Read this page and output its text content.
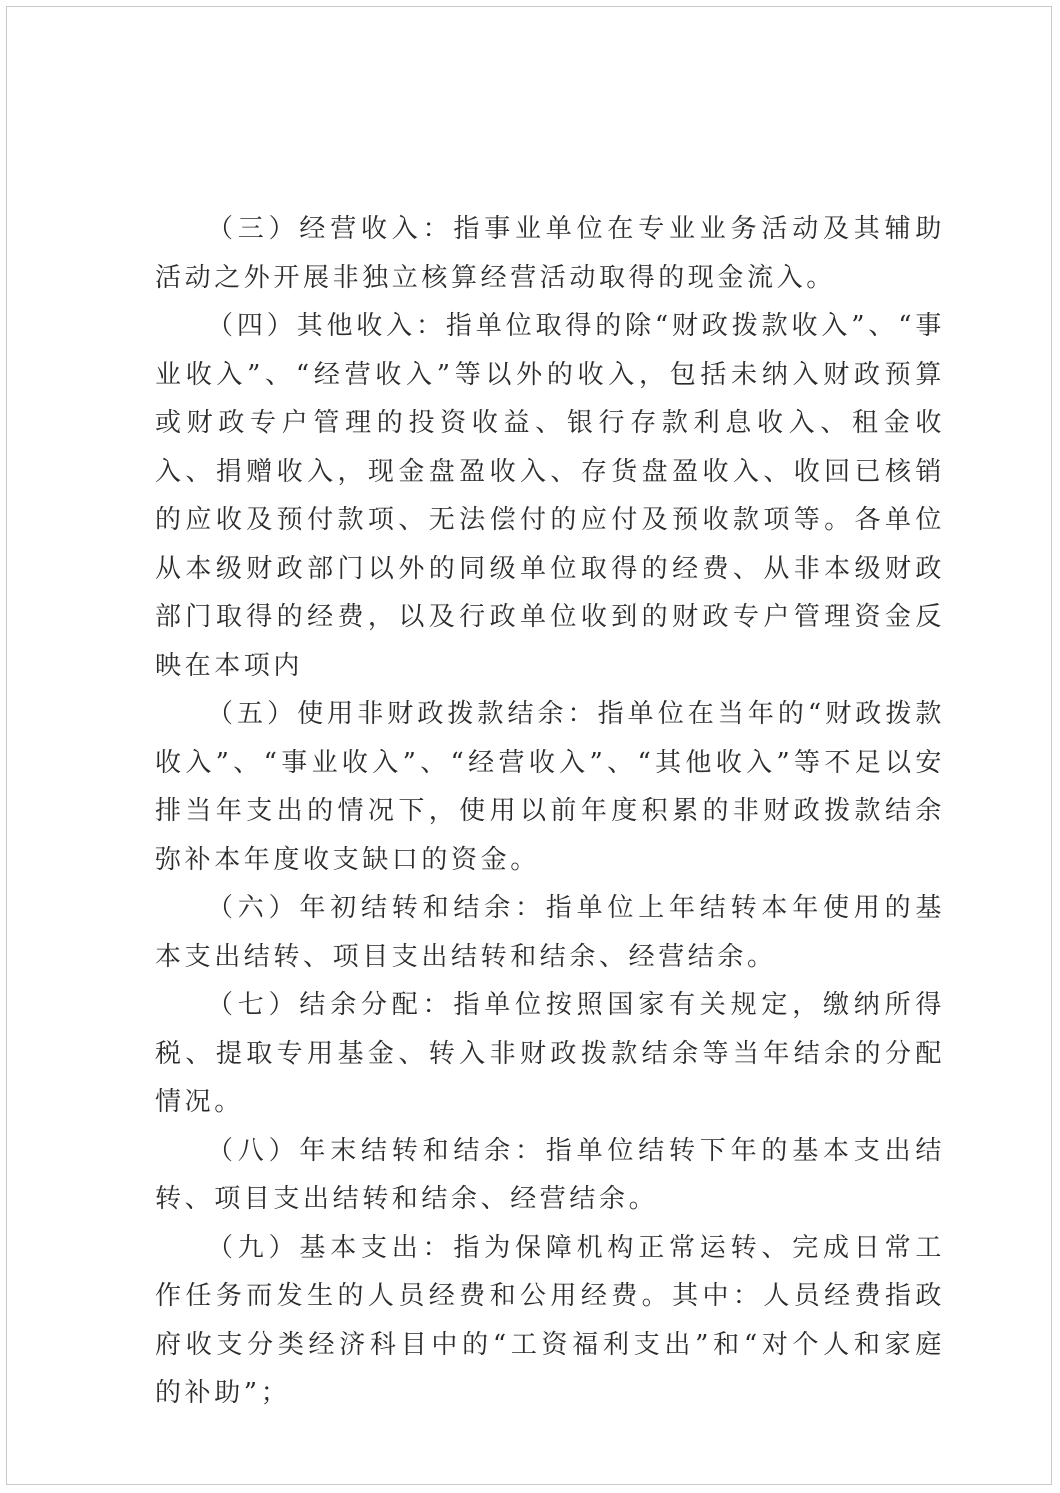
（三）经营收入：指事业单位在专业业务活动及其辅助活动之外开展非独立核算经营活动取得的现金流入。

（四）其他收入：指单位取得的除“财政拨款收入”、“事业收入”、“经营收入”等以外的收入，包括未纳入财政预算或财政专户管理的投资收益、银行存款利息收入、租金收入、捐赠收入，现金盘盈收入、存货盘盈收入、收回已核销的应收及预付款项、无法偿付的应付及预收款项等。各单位从本级财政部门以外的同级单位取得的经费、从非本级财政部门取得的经费，以及行政单位收到的财政专户管理资金反映在本项内

（五）使用非财政拨款结余：指单位在当年的“财政拨款收入”、“事业收入”、“经营收入”、“其他收入”等不足以安排当年支出的情况下，使用以前年度积累的非财政拨款结余弥补本年度收支缺口的资金。

（六）年初结转和结余：指单位上年结转本年使用的基本支出结转、项目支出结转和结余、经营结余。

（七）结余分配：指单位按照国家有关规定，缴纳所得税、提取专用基金、转入非财政拨款结余等当年结余的分配情况。

（八）年末结转和结余：指单位结转下年的基本支出结转、项目支出结转和结余、经营结余。

（九）基本支出：指为保障机构正常运转、完成日常工作任务而发生的人员经费和公用经费。其中：人员经费指政府收支分类经济科目中的“工资福利支出”和“对个人和家庭的补助”；
